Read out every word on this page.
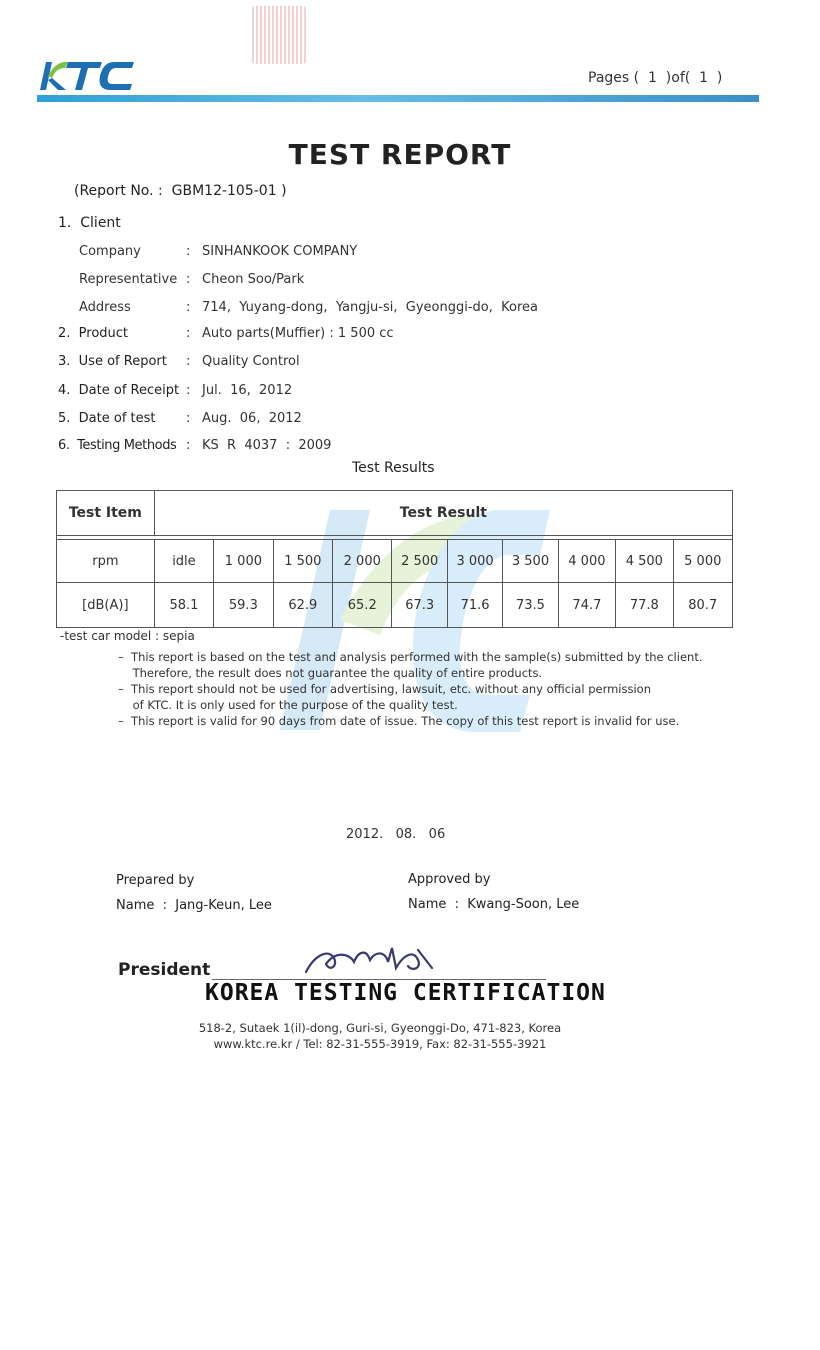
Pages (  1  )of(  1  )
TEST REPORT
(Report No. :  GBM12-105-01 )
1.  Client
Company	: SINHANKOOK COMPANY
Representative : Cheon Soo/Park
Address	: 714,  Yuyang-dong,  Yangju-si,  Gyeonggi-do,  Korea
2.  Product	: Auto parts(Muffier) : 1 500 cc
3.  Use of Report : Quality Control
4.  Date of Receipt : Jul.  16,  2012
5.  Date of test : Aug.  06,  2012
6.  Testing Methods : KS  R  4037  :  2009
Test Results
Test Item	Test Result									

rpm	idle	1 000	1 500	2 000	2 500	3 000	3 500	4 000	4 500	5 000
[dB(A)]	58.1	59.3	62.9	65.2	67.3	71.6	73.5	74.7	77.8	80.7
-test car model : sepia
–  This report is based on the test and analysis performed with the sample(s) submitted by the client.
Therefore, the result does not guarantee the quality of entire products.
–  This report should not be used for advertising, lawsuit, etc. without any official permission
of KTC. It is only used for the purpose of the quality test.
–  This report is valid for 90 days from date of issue. The copy of this test report is invalid for use.
2012.   08.   06
Prepared by
Name  :  Jang-Keun, Lee
Approved by
Name  :  Kwang-Soon, Lee
President
KOREA TESTING CERTIFICATION
518-2, Sutaek 1(il)-dong, Guri-si, Gyeonggi-Do, 471-823, Korea
www.ktc.re.kr / Tel: 82-31-555-3919, Fax: 82-31-555-3921
